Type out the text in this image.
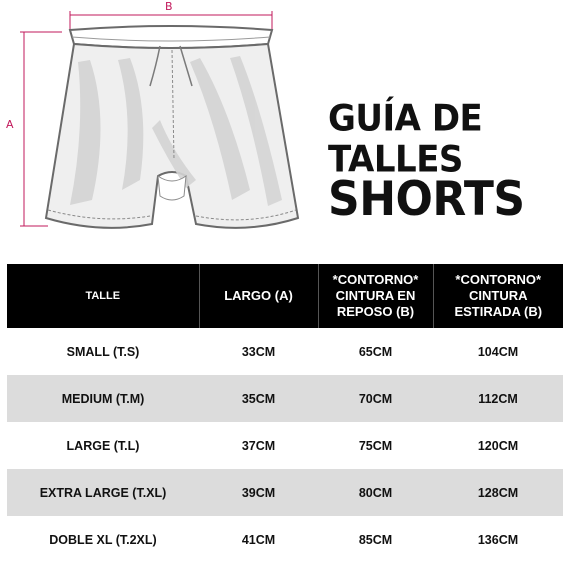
B
A	GUÍA DE TALLES
SHORTS
TALLE	LARGO (A)	*CONTORNO* CINTURA EN REPOSO (B)	*CONTORNO* CINTURA ESTIRADA (B)
SMALL (T.S)	33CM	65CM	104CM
MEDIUM (T.M)	35CM	70CM	112CM
LARGE (T.L)	37CM	75CM	120CM
EXTRA LARGE (T.XL)	39CM	80CM	128CM
DOBLE XL (T.2XL)	41CM	85CM	136CM
